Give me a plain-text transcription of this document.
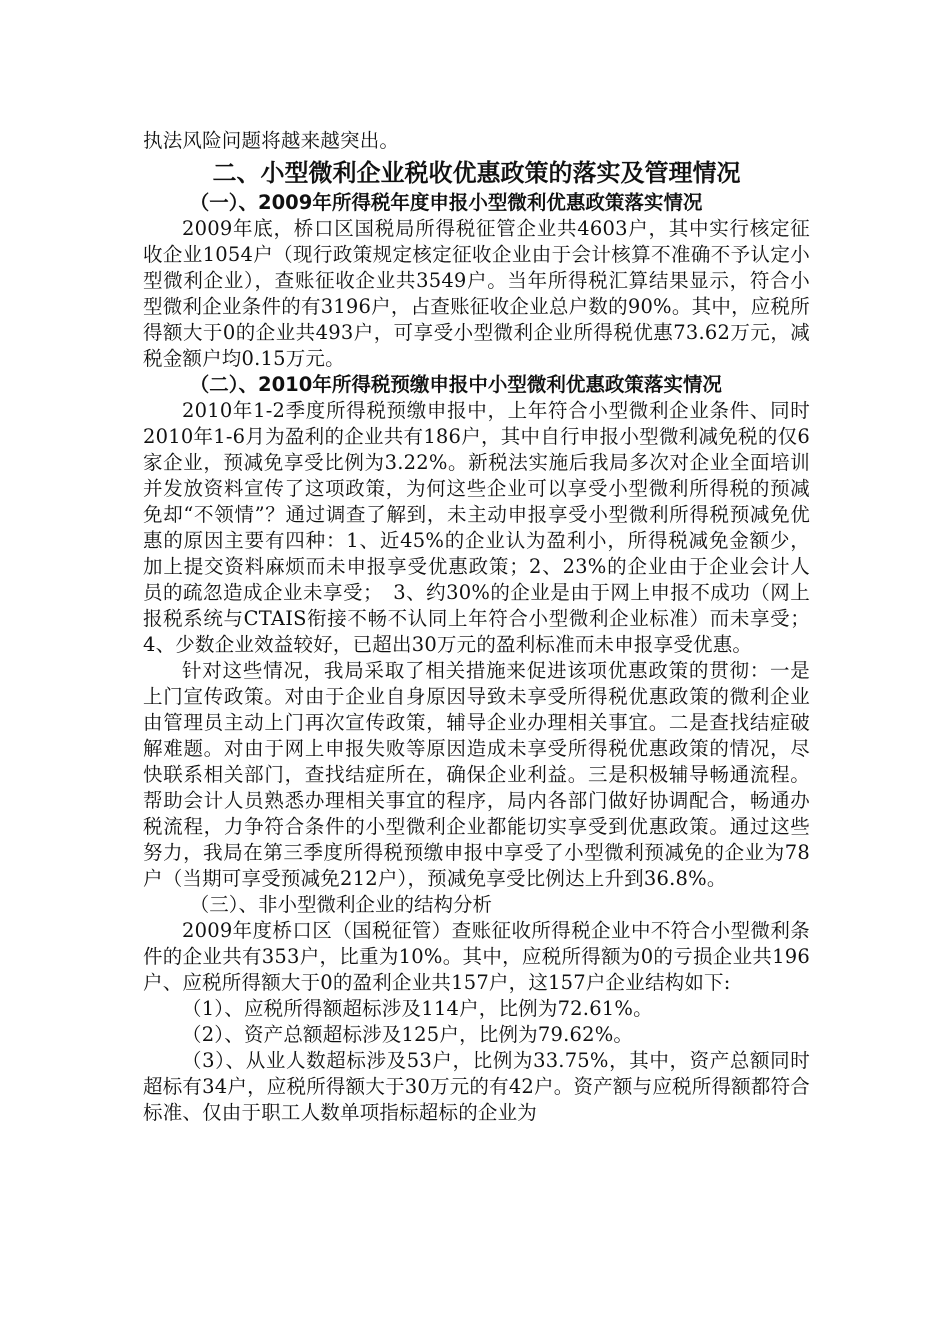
执法风险问题将越来越突出。

二、小型微利企业税收优惠政策的落实及管理情况

（一）、2009年所得税年度申报小型微利优惠政策落实情况

2009年底，桥口区国税局所得税征管企业共4603户，其中实行核定征收企业1054户（现行政策规定核定征收企业由于会计核算不准确不予认定小型微利企业），查账征收企业共3549户。当年所得税汇算结果显示，符合小型微利企业条件的有3196户，占查账征收企业总户数的90%。其中，应税所得额大于0的企业共493户，可享受小型微利企业所得税优惠73.62万元，减税金额户均0.15万元。

（二）、2010年所得税预缴申报中小型微利优惠政策落实情况

2010年1-2季度所得税预缴申报中，上年符合小型微利企业条件、同时2010年1-6月为盈利的企业共有186户，其中自行申报小型微利减免税的仅6家企业，预减免享受比例为3.22%。新税法实施后我局多次对企业全面培训并发放资料宣传了这项政策，为何这些企业可以享受小型微利所得税的预减免却“不领情”？通过调查了解到，未主动申报享受小型微利所得税预减免优惠的原因主要有四种：1、近45%的企业认为盈利小，所得税减免金额少，加上提交资料麻烦而未申报享受优惠政策；2、23%的企业由于企业会计人员的疏忽造成企业未享受；　3、约30%的企业是由于网上申报不成功（网上报税系统与CTAIS衔接不畅不认同上年符合小型微利企业标准）而未享受；4、少数企业效益较好，已超出30万元的盈利标准而未申报享受优惠。

针对这些情况，我局采取了相关措施来促进该项优惠政策的贯彻：一是上门宣传政策。对由于企业自身原因导致未享受所得税优惠政策的微利企业由管理员主动上门再次宣传政策，辅导企业办理相关事宜。二是查找结症破解难题。对由于网上申报失败等原因造成未享受所得税优惠政策的情况，尽快联系相关部门，查找结症所在，确保企业利益。三是积极辅导畅通流程。帮助会计人员熟悉办理相关事宜的程序，局内各部门做好协调配合，畅通办税流程，力争符合条件的小型微利企业都能切实享受到优惠政策。通过这些努力，我局在第三季度所得税预缴申报中享受了小型微利预减免的企业为78户（当期可享受预减免212户），预减免享受比例达上升到36.8%。

（三）、非小型微利企业的结构分析

2009年度桥口区（国税征管）查账征收所得税企业中不符合小型微利条件的企业共有353户，比重为10%。其中，应税所得额为0的亏损企业共196户、应税所得额大于0的盈利企业共157户，这157户企业结构如下:

（1）、应税所得额超标涉及114户，比例为72.61%。

（2）、资产总额超标涉及125户，比例为79.62%。

（3）、从业人数超标涉及53户，比例为33.75%，其中，资产总额同时超标有34户，应税所得额大于30万元的有42户。资产额与应税所得额都符合标准、仅由于职工人数单项指标超标的企业为
